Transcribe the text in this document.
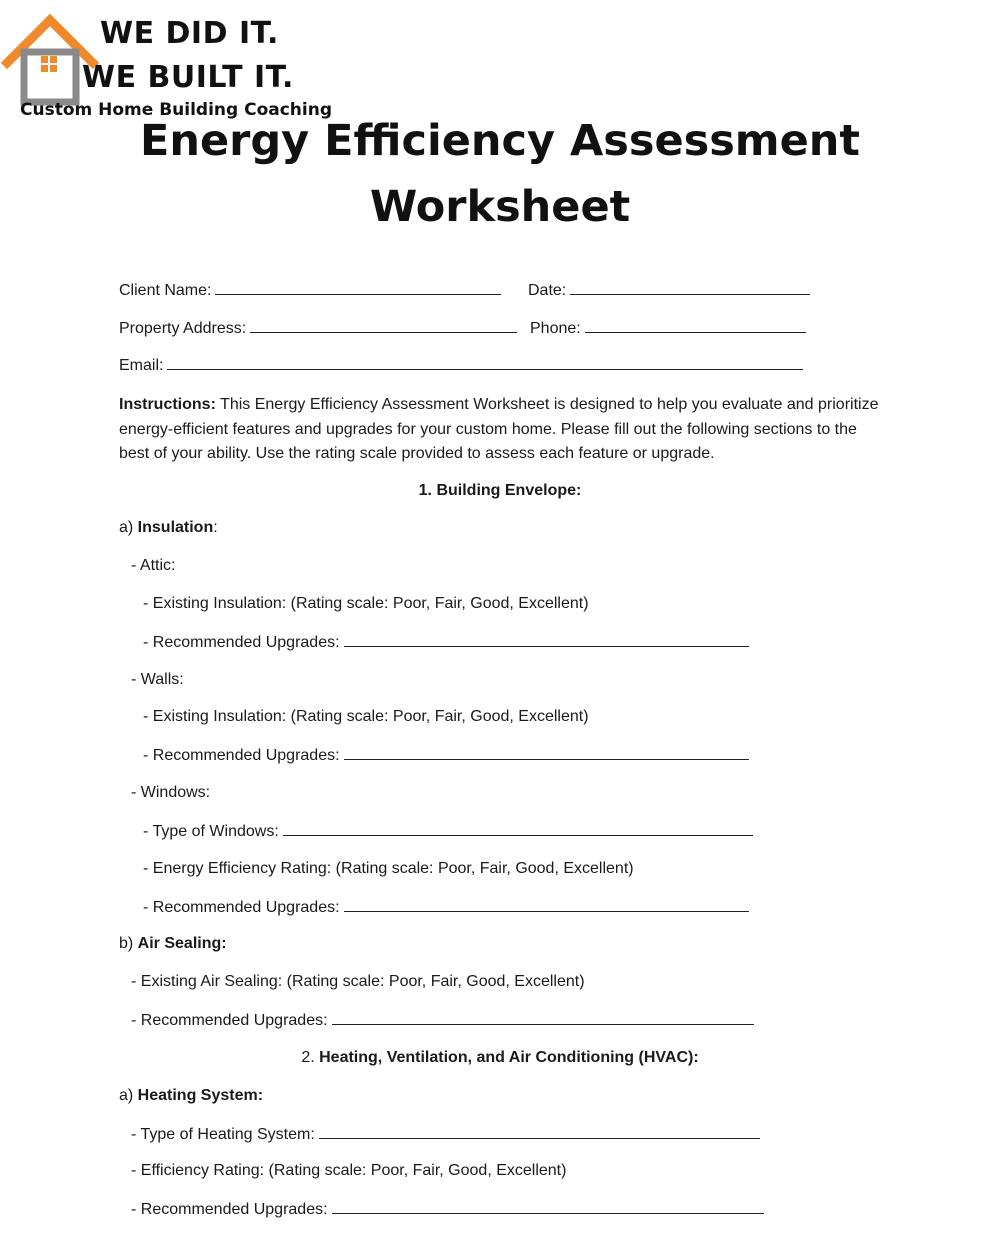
WE DID IT.
WE BUILT IT.
Custom Home Building Coaching
Energy Efficiency Assessment
Worksheet
Client Name:	Date:
Property Address:	Phone:
Email:
Instructions: This Energy Efficiency Assessment Worksheet is designed to help you evaluate and prioritize energy-efficient features and upgrades for your custom home. Please fill out the following sections to the best of your ability. Use the rating scale provided to assess each feature or upgrade.
1. Building Envelope:
a) Insulation:
- Attic:
- Existing Insulation: (Rating scale: Poor, Fair, Good, Excellent)
- Recommended Upgrades:
- Walls:
- Existing Insulation: (Rating scale: Poor, Fair, Good, Excellent)
- Recommended Upgrades:
- Windows:
- Type of Windows:
- Energy Efficiency Rating: (Rating scale: Poor, Fair, Good, Excellent)
- Recommended Upgrades:
b) Air Sealing:
- Existing Air Sealing: (Rating scale: Poor, Fair, Good, Excellent)
- Recommended Upgrades:
2. Heating, Ventilation, and Air Conditioning (HVAC):
a) Heating System:
- Type of Heating System:
- Efficiency Rating: (Rating scale: Poor, Fair, Good, Excellent)
- Recommended Upgrades:
